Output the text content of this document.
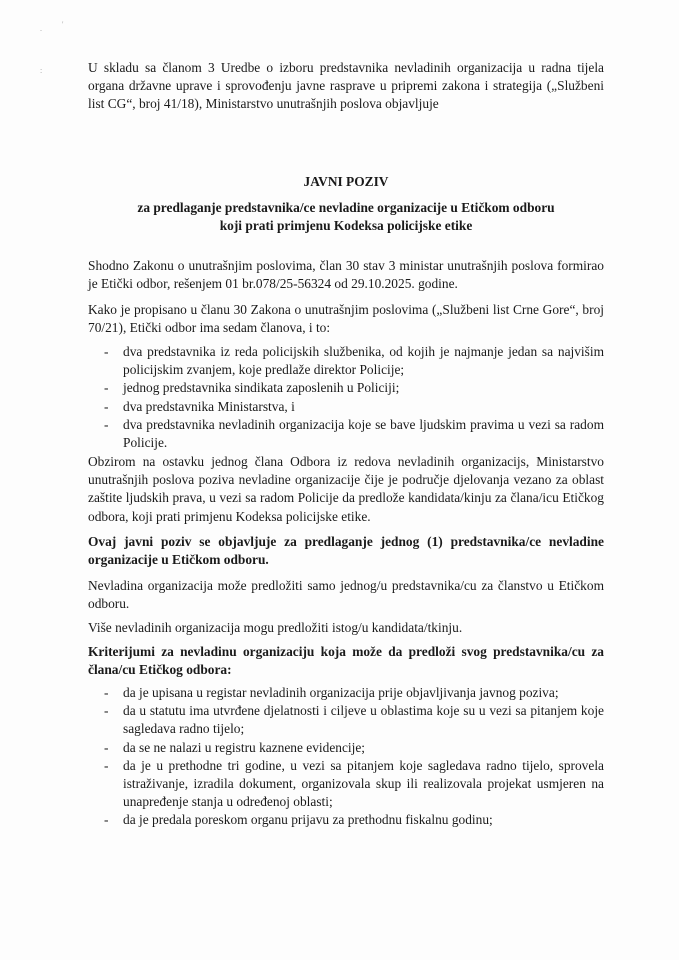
.	'
:	U skladu sa članom 3 Uredbe o izboru predstavnika nevladinih organizacija u radna tijela organa državne uprave i sprovođenju javne rasprave u pripremi zakona i strategija („Službeni list CG“, broj 41/18), Ministarstvo unutrašnjih poslova objavljuje
JAVNI POZIV
za predlaganje predstavnika/ce nevladine organizacije u Etičkom odboru
koji prati primjenu Kodeksa policijske etike
Shodno Zakonu o unutrašnjim poslovima, član 30 stav 3 ministar unutrašnjih poslova formirao je Etički odbor, rešenjem 01 br.078/25-56324 od 29.10.2025. godine.
Kako je propisano u članu 30 Zakona o unutrašnjim poslovima („Službeni list Crne Gore“, broj 70/21), Etički odbor ima sedam članova, i to:
- dva predstavnika iz reda policijskih službenika, od kojih je najmanje jedan sa najvišim policijskim zvanjem, koje predlaže direktor Policije;
- jednog predstavnika sindikata zaposlenih u Policiji;
- dva predstavnika Ministarstva, i
- dva predstavnika nevladinih organizacija koje se bave ljudskim pravima u vezi sa radom Policije.
Obzirom na ostavku jednog člana Odbora iz redova nevladinih organizacijs, Ministarstvo unutrašnjih poslova poziva nevladine organizacije čije je područje djelovanja vezano za oblast zaštite ljudskih prava, u vezi sa radom Policije da predlože kandidata/kinju za člana/icu Etičkog odbora, koji prati primjenu Kodeksa policijske etike.
Ovaj javni poziv se objavljuje za predlaganje jednog (1) predstavnika/ce nevladine organizacije u Etičkom odboru.
Nevladina organizacija može predložiti samo jednog/u predstavnika/cu za članstvo u Etičkom odboru.
Više nevladinih organizacija mogu predložiti istog/u kandidata/tkinju.
Kriterijumi za nevladinu organizaciju koja može da predloži svog predstavnika/cu za člana/cu Etičkog odbora:
- da je upisana u registar nevladinih organizacija prije objavljivanja javnog poziva;
- da u statutu ima utvrđene djelatnosti i ciljeve u oblastima koje su u vezi sa pitanjem koje sagledava radno tijelo;
- da se ne nalazi u registru kaznene evidencije;
- da je u prethodne tri godine, u vezi sa pitanjem koje sagledava radno tijelo, sprovela istraživanje, izradila dokument, organizovala skup ili realizovala projekat usmjeren na unapređenje stanja u određenoj oblasti;
- da je predala poreskom organu prijavu za prethodnu fiskalnu godinu;
